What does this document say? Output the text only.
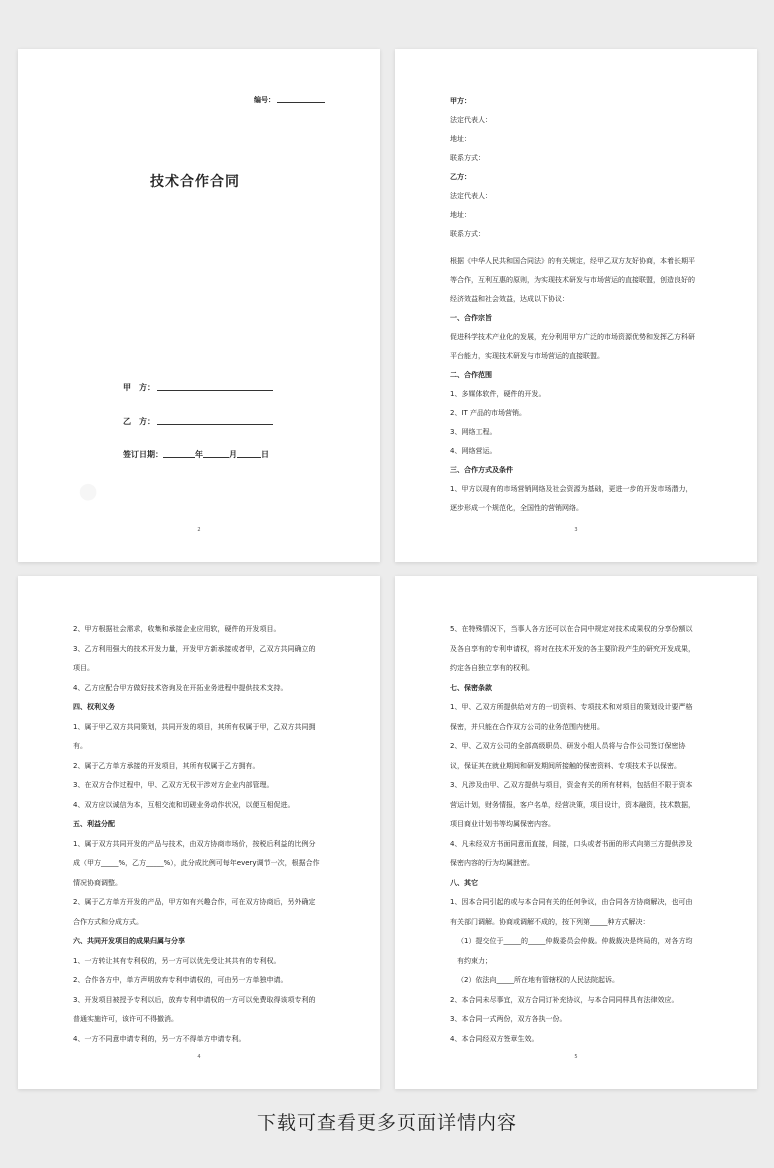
编号：
技术合作合同
甲　方：
乙　方：
签订日期：	年	月	日
2

甲方：

法定代表人：

地址：

联系方式：

乙方：

法定代表人：

地址：

联系方式：

根据《中华人民共和国合同法》的有关规定，经甲乙双方友好协商，本着长期平等合作，互利互惠的原则，为实现技术研发与市场营运的直接联盟，创造良好的经济效益和社会效益，达成以下协议：

一、合作宗旨

促进科学技术产业化的发展，充分利用甲方广泛的市场资源优势和发挥乙方科研平台能力，实现技术研发与市场营运的直接联盟。

二、合作范围

1、多媒体软件，硬件的开发。

2、IT 产品的市场营销。

3、网络工程。

4、网络营运。

三、合作方式及条件

1、甲方以现有的市场营销网络及社会资源为基础，更进一步的开发市场潜力，逐步形成一个规范化，全国性的营销网络。

3

2、甲方根据社会需求，收集和承接企业应用软，硬件的开发项目。

3、乙方利用强大的技术开发力量，开发甲方新承接或者甲，乙双方共同确立的项目。

4、乙方应配合甲方做好技术咨询及在开拓业务进程中提供技术支持。

四、权利义务

1、属于甲乙双方共同策划，共同开发的项目，其所有权属于甲，乙双方共同拥有。

2、属于乙方单方承接的开发项目，其所有权属于乙方拥有。

3、在双方合作过程中，甲、乙双方无权干涉对方企业内部管理。

4、双方应以诚信为本，互相交流和切磋业务动作状况，以便互相促进。

五、利益分配

1、属于双方共同开发的产品与技术，由双方协商市场价，按税后利益的比例分成（甲方_____%，乙方_____%），此分成比例可每年every调节一次，根据合作情况协商调整。

2、属于乙方单方开发的产品，甲方如有兴趣合作，可在双方协商后，另外确定合作方式和分成方式。

六、共同开发项目的成果归属与分享

1、一方转让其有专利权的，另一方可以优先受让其共有的专利权。

2、合作各方中，单方声明放弃专利申请权的，可由另一方单独申请。

3、开发项目被授予专利以后，放弃专利申请权的一方可以免费取得该项专利的普通实施许可，该许可不得撤消。

4、一方不同意申请专利的，另一方不得单方申请专利。

4

5、在特殊情况下，当事人各方还可以在合同中规定对技术成果权的分享份额以及各自享有的专利申请权，将对在技术开发的各主要阶段产生的研究开发成果，约定各自独立享有的权利。

七、保密条款

1、甲、乙双方所提供给对方的一切资料、专项技术和对项目的策划设计要严格保密，并只能在合作双方公司的业务范围内使用。

2、甲、乙双方公司的全部高级职员、研发小组人员将与合作公司签订保密协议，保证其在就业期间和研发期间所接触的保密资料、专项技术予以保密。

3、凡涉及由甲、乙双方提供与项目，资金有关的所有材料，包括但不限于资本营运计划，财务情报，客户名单，经营决策，项目设计，资本融资，技术数据，项目商业计划书等均属保密内容。

4、凡未经双方书面同意而直接，间接，口头或者书面的形式向第三方提供涉及保密内容的行为均属泄密。

八、其它

1、因本合同引起的或与本合同有关的任何争议，由合同各方协商解决，也可由有关部门调解。协商或调解不成的，按下列第_____种方式解决：

（1）提交位于_____的_____仲裁委员会仲裁。仲裁裁决是终局的，对各方均有约束力；

（2）依法向_____所在地有管辖权的人民法院起诉。

2、本合同未尽事宜，双方合同订补充协议，与本合同同样具有法律效应。

3、本合同一式两份，双方各执一份。

4、本合同经双方签章生效。

5
下载可查看更多页面详情内容
